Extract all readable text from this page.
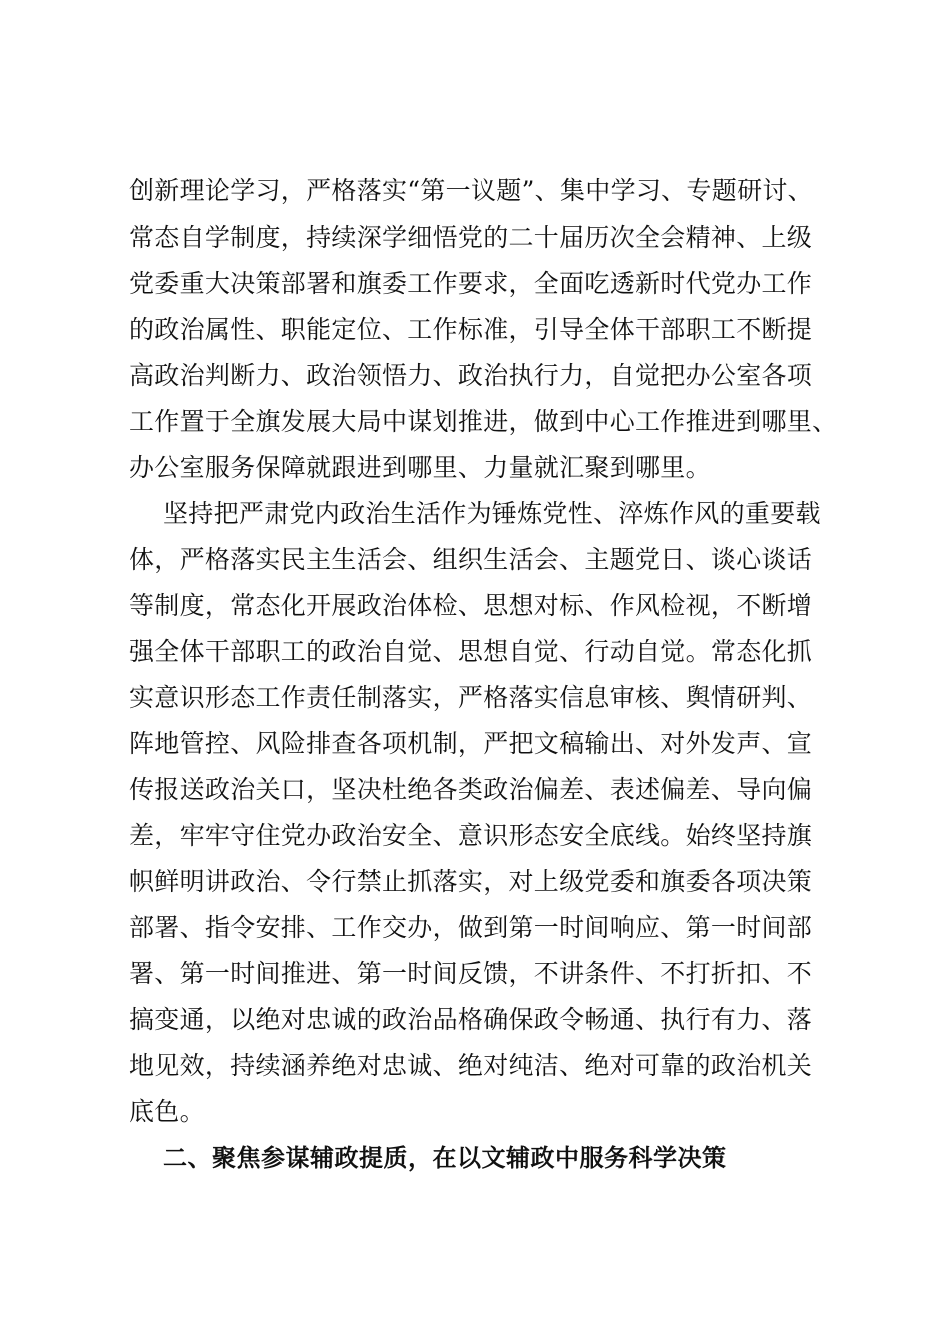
创新理论学习，严格落实“第一议题”、集中学习、专题研讨、

常态自学制度，持续深学细悟党的二十届历次全会精神、上级

党委重大决策部署和旗委工作要求，全面吃透新时代党办工作

的政治属性、职能定位、工作标准，引导全体干部职工不断提

高政治判断力、政治领悟力、政治执行力，自觉把办公室各项

工作置于全旗发展大局中谋划推进，做到中心工作推进到哪里、

办公室服务保障就跟进到哪里、力量就汇聚到哪里。

坚持把严肃党内政治生活作为锤炼党性、淬炼作风的重要载

体，严格落实民主生活会、组织生活会、主题党日、谈心谈话

等制度，常态化开展政治体检、思想对标、作风检视，不断增

强全体干部职工的政治自觉、思想自觉、行动自觉。常态化抓

实意识形态工作责任制落实，严格落实信息审核、舆情研判、

阵地管控、风险排查各项机制，严把文稿输出、对外发声、宣

传报送政治关口，坚决杜绝各类政治偏差、表述偏差、导向偏

差，牢牢守住党办政治安全、意识形态安全底线。始终坚持旗

帜鲜明讲政治、令行禁止抓落实，对上级党委和旗委各项决策

部署、指令安排、工作交办，做到第一时间响应、第一时间部

署、第一时间推进、第一时间反馈，不讲条件、不打折扣、不

搞变通，以绝对忠诚的政治品格确保政令畅通、执行有力、落

地见效，持续涵养绝对忠诚、绝对纯洁、绝对可靠的政治机关

底色。

二、聚焦参谋辅政提质，在以文辅政中服务科学决策
